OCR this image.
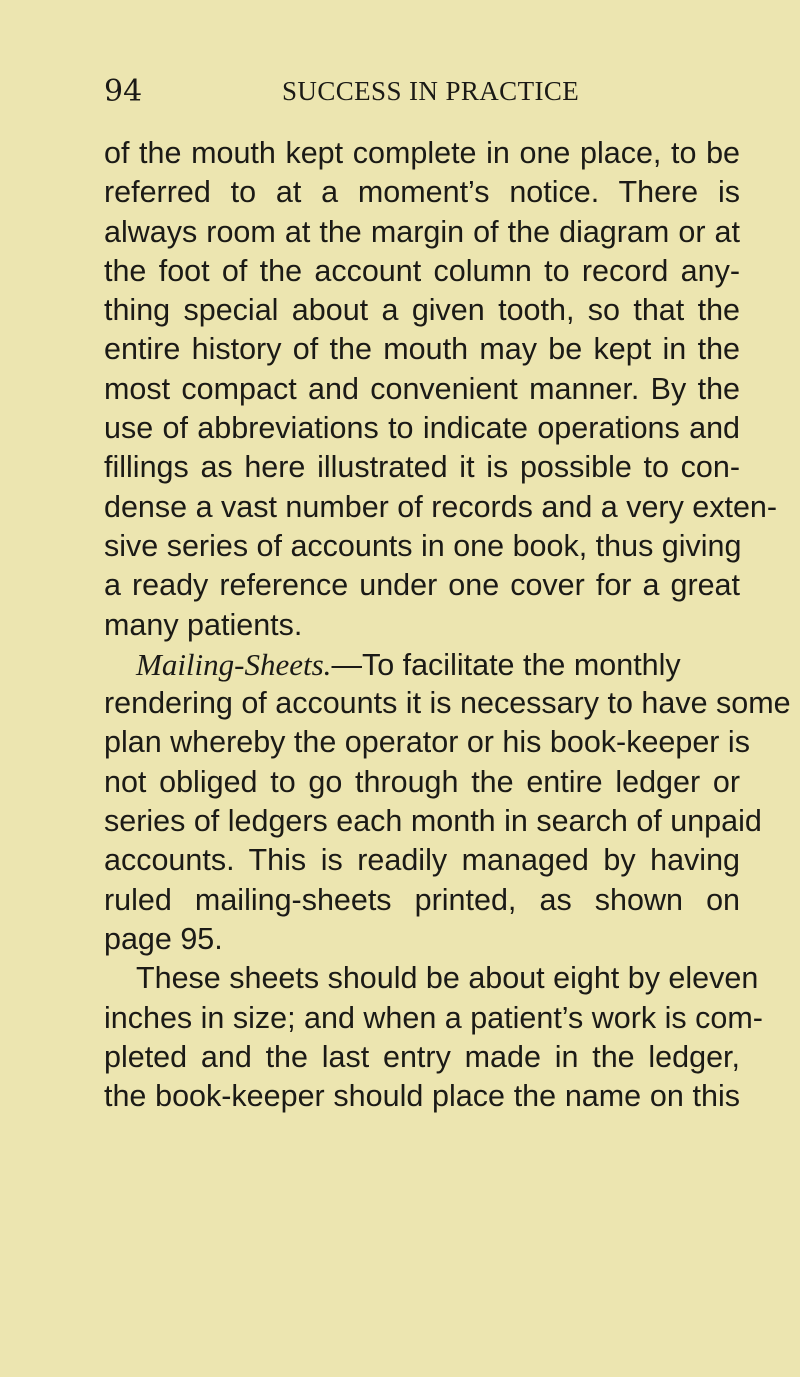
94	SUCCESS IN PRACTICE
of the mouth kept complete in one place, to be
referred to at a moment’s notice. There is
always room at the margin of the diagram or at
the foot of the account column to record any-
thing special about a given tooth, so that the
entire history of the mouth may be kept in the
most compact and convenient manner. By the
use of abbreviations to indicate operations and
fillings as here illustrated it is possible to con-
dense a vast number of records and a very exten-
sive series of accounts in one book, thus giving
a ready reference under one cover for a great
many patients.
Mailing-Sheets.—To facilitate the monthly
rendering of accounts it is necessary to have some
plan whereby the operator or his book-keeper is
not obliged to go through the entire ledger or
series of ledgers each month in search of unpaid
accounts. This is readily managed by having
ruled mailing-sheets printed, as shown on
page 95.
These sheets should be about eight by eleven
inches in size; and when a patient’s work is com-
pleted and the last entry made in the ledger,
the book-keeper should place the name on this
